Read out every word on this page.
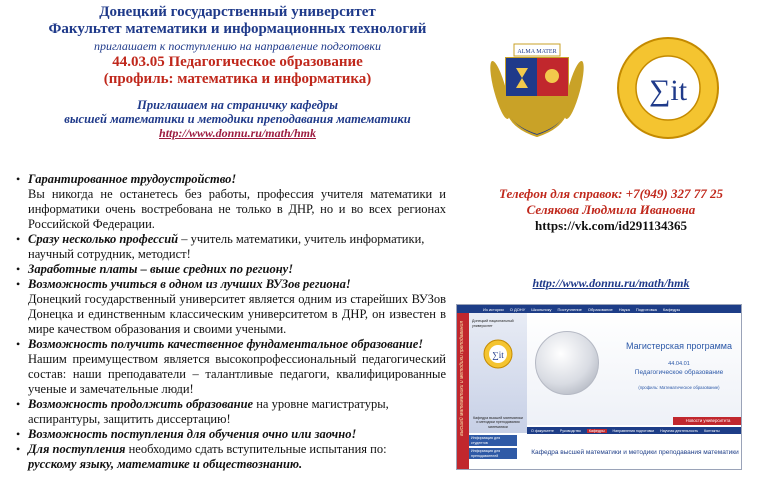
Донецкий государственный университет
Факультет математики и информационных технологий
приглашает к поступлению на направление подготовки
44.03.05 Педагогическое образование
(профиль: математика и информатика)
Приглашаем на страничку кафедры
высшей математики и методики преподавания математики
http://www.donnu.ru/math/hmk
ALMA MATER
∑it
• Гарантированное трудоустройство!
Вы никогда не останетесь без работы, профессия учителя математики и информатики очень востребована не только в ДНР, но и во всех регионах Российской Федерации.
• Сразу несколько профессий – учитель математики, учитель информатики, научный сотрудник, методист!
• Заработные платы – выше средних по региону!
• Возможность учиться в одном из лучших ВУЗов региона!
Донецкий государственный университет является одним из старейших ВУЗов Донецка и единственным классическим университетом в ДНР, он известен в мире качеством образования и своими учеными.
• Возможность получить качественное фундаментальное образование!
Нашим преимуществом является высокопрофессиональный педагогический состав: наши преподаватели – талантливые педагоги, квалифицированные ученые и замечательные люди!
• Возможность продолжить образование на уровне магистратуры, аспирантуры, защитить диссертацию!
• Возможность поступления для обучения очно или заочно!
• Для поступления необходимо сдать вступительные испытания по:
русскому языку, математике и обществознанию.
Телефон для справок: +7(949) 327 77 25
Селякова Людмила Ивановна
https://vk.com/id291134365
http://www.donnu.ru/math/hmk
Из истории О ДОНУ Школьнику Поступление Образование Наука Подготовка Кафедры
высшей математики и методики преподавания Донецкий национальный университет
∑it
Кафедра высшей математики и методики преподавания математики
Магистерская программа
44.04.01
Педагогическое образование
(профиль: Математическое образование)
Новости университета
О факультете Руководство	Кафедры	Направления подготовки Научная деятельность Контакты
Информация для студентов
Информация для преподавателей	Кафедра высшей математики и методики преподавания математики
